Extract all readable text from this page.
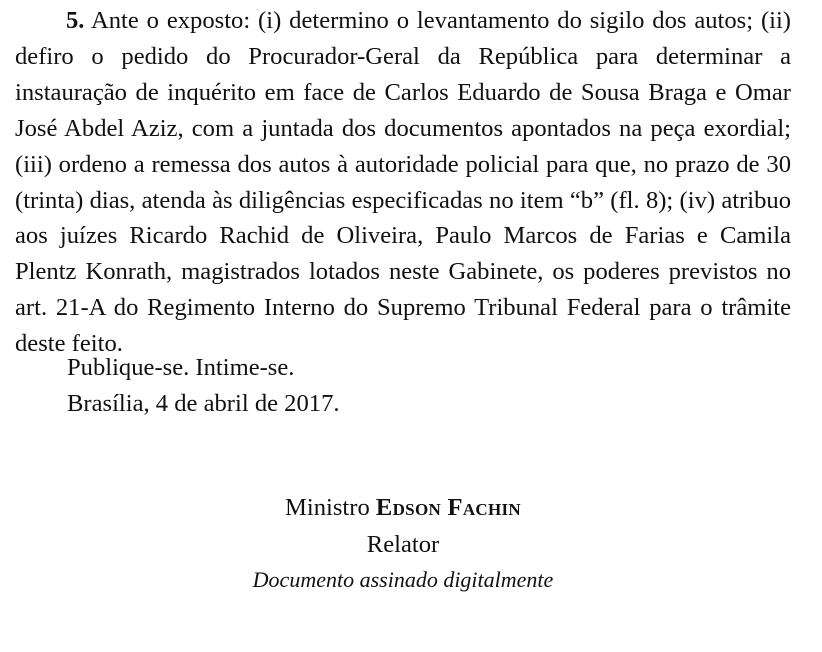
5. Ante o exposto: (i) determino o levantamento do sigilo dos autos; (ii) defiro o pedido do Procurador-Geral da República para determinar a instauração de inquérito em face de Carlos Eduardo de Sousa Braga e Omar José Abdel Aziz, com a juntada dos documentos apontados na peça exordial; (iii) ordeno a remessa dos autos à autoridade policial para que, no prazo de 30 (trinta) dias, atenda às diligências especificadas no item “b” (fl. 8); (iv) atribuo aos juízes Ricardo Rachid de Oliveira, Paulo Marcos de Farias e Camila Plentz Konrath, magistrados lotados neste Gabinete, os poderes previstos no art. 21-A do Regimento Interno do Supremo Tribunal Federal para o trâmite deste feito.

Publique-se. Intime-se.

Brasília, 4 de abril de 2017.

Ministro Edson Fachin

Relator

Documento assinado digitalmente
